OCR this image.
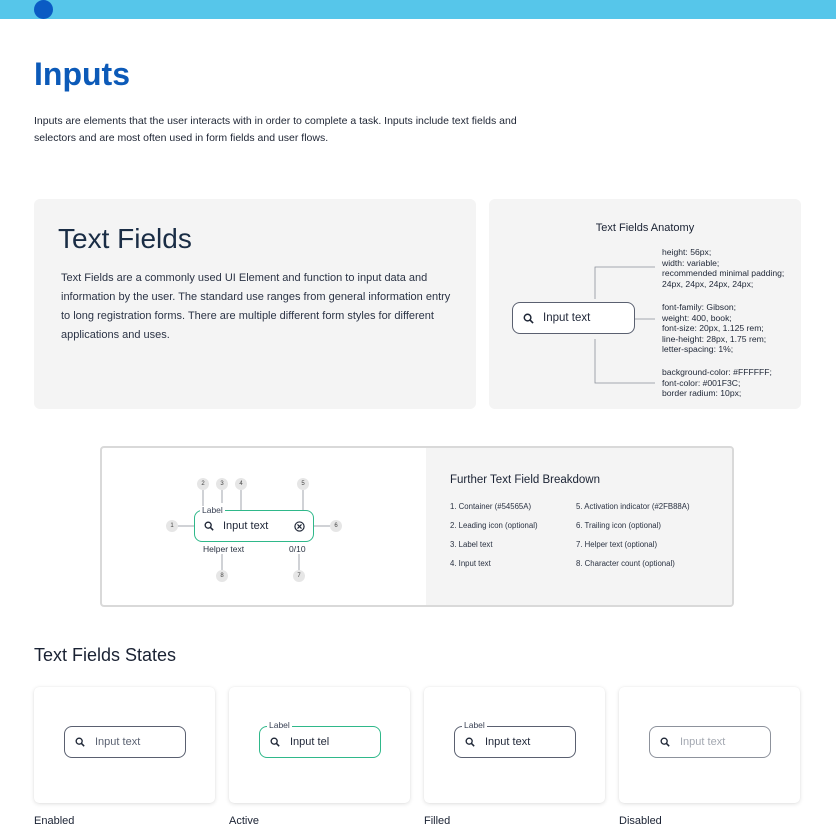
Inputs

Inputs are elements that the user interacts with in order to complete a task. Inputs include text fields and selectors and are most often used in form fields and user flows.

Text Fields

Text Fields are a commonly used UI Element and function to input data and information by the user. The standard use ranges from general information entry to long registration forms. There are multiple different form styles for different applications and uses.

Text Fields Anatomy
Input text
height: 56px;
width: variable;
recommended minimal padding;
24px, 24px, 24px, 24px;
font-family: Gibson;
weight: 400, book;
font-size: 20px, 1.125 rem;
line-height: 28px, 1.75 rem;
letter-spacing: 1%;
background-color: #FFFFFF;
font-color: #001F3C;
border radium: 10px;
1
2	3	4	5
6
7
8
Input text
Label
Helper text	0/10
Further Text Field Breakdown
1. Container (#54565A)
2. Leading icon (optional)
3. Label text
4. Input text
5. Activation indicator (#2FB88A)
6. Trailing icon (optional)
7. Helper text (optional)
8. Character count (optional)
Text Fields States
Input text
Enabled
Input tel
Label
Active
Input text
Label
Filled
Input text
Disabled
